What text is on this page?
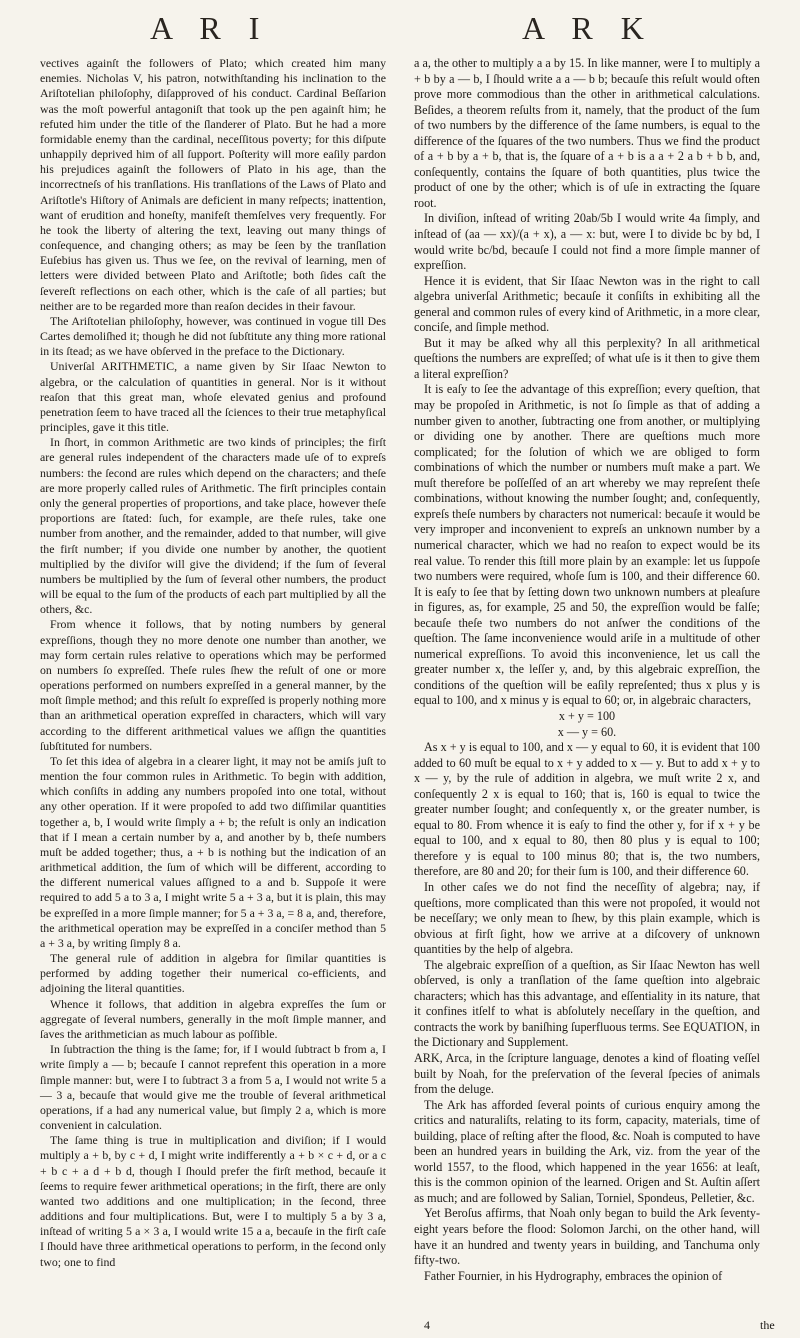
A R I	A R K

vectives againſt the followers of Plato; which created him many enemies. Nicholas V, his patron, notwithſtanding his inclination to the Ariſtotelian philoſophy, diſapproved of his conduct. Cardinal Beſſarion was the moſt powerful antagoniſt that took up the pen againſt him; he refuted him under the title of the ſlanderer of Plato. But he had a more formidable enemy than the cardinal, neceſſitous poverty; for this diſpute unhappily deprived him of all ſupport. Poſterity will more eaſily pardon his prejudices againſt the followers of Plato in his age, than the incorrectneſs of his tranſlations. His tranſlations of the Laws of Plato and Ariſtotle's Hiſtory of Animals are deficient in many reſpects; inattention, want of erudition and honeſty, manifeſt themſelves very frequently. For he took the liberty of altering the text, leaving out many things of conſequence, and changing others; as may be ſeen by the tranſlation Euſebius has given us. Thus we ſee, on the revival of learning, men of letters were divided between Plato and Ariſtotle; both ſides caſt the ſevereſt reflections on each other, which is the caſe of all parties; but neither are to be regarded more than reaſon decides in their favour.

The Ariſtotelian philoſophy, however, was continued in vogue till Des Cartes demoliſhed it; though he did not ſubſtitute any thing more rational in its ſtead; as we have obſerved in the preface to the Dictionary.

Univerſal ARITHMETIC, a name given by Sir Iſaac Newton to algebra, or the calculation of quantities in general. Nor is it without reaſon that this great man, whoſe elevated genius and profound penetration ſeem to have traced all the ſciences to their true metaphyſical principles, gave it this title.

In ſhort, in common Arithmetic are two kinds of principles; the firſt are general rules independent of the characters made uſe of to expreſs numbers: the ſecond are rules which depend on the characters; and theſe are more properly called rules of Arithmetic. The firſt principles contain only the general properties of proportions, and take place, however theſe proportions are ſtated: ſuch, for example, are theſe rules, take one number from another, and the remainder, added to that number, will give the firſt number; if you divide one number by another, the quotient multiplied by the diviſor will give the dividend; if the ſum of ſeveral numbers be multiplied by the ſum of ſeveral other numbers, the product will be equal to the ſum of the products of each part multiplied by all the others, &c.

From whence it follows, that by noting numbers by general expreſſions, though they no more denote one number than another, we may form certain rules relative to operations which may be performed on numbers ſo expreſſed. Theſe rules ſhew the reſult of one or more operations performed on numbers expreſſed in a general manner, by the moſt ſimple method; and this reſult ſo expreſſed is properly nothing more than an arithmetical operation expreſſed in characters, which will vary according to the different arithmetical values we aſſign the quantities ſubſtituted for numbers.

To ſet this idea of algebra in a clearer light, it may not be amiſs juſt to mention the four common rules in Arithmetic. To begin with addition, which conſiſts in adding any numbers propoſed into one total, without any other operation. If it were propoſed to add two diſſimilar quantities together a, b, I would write ſimply a + b; the reſult is only an indication that if I mean a certain number by a, and another by b, theſe numbers muſt be added together; thus, a + b is nothing but the indication of an arithmetical addition, the ſum of which will be different, according to the different numerical values aſſigned to a and b. Suppoſe it were required to add 5 a to 3 a, I might write 5 a + 3 a, but it is plain, this may be expreſſed in a more ſimple manner; for 5 a + 3 a, = 8 a, and, therefore, the arithmetical operation may be expreſſed in a conciſer method than 5 a + 3 a, by writing ſimply 8 a.

The general rule of addition in algebra for ſimilar quantities is performed by adding together their numerical co-efficients, and adjoining the literal quantities.

Whence it follows, that addition in algebra expreſſes the ſum or aggregate of ſeveral numbers, generally in the moſt ſimple manner, and ſaves the arithmetician as much labour as poſſible.

In ſubtraction the thing is the ſame; for, if I would ſubtract b from a, I write ſimply a — b; becauſe I cannot reprefent this operation in a more ſimple manner: but, were I to ſubtract 3 a from 5 a, I would not write 5 a — 3 a, becauſe that would give me the trouble of ſeveral arithmetical operations, if a had any numerical value, but ſimply 2 a, which is more convenient in calculation.

The ſame thing is true in multiplication and diviſion; if I would multiply a + b, by c + d, I might write indifferently a + b × c + d, or a c + b c + a d + b d, though I ſhould prefer the firſt method, becauſe it ſeems to require fewer arithmetical operations; in the firſt, there are only wanted two additions and one multiplication; in the ſecond, three additions and four multiplications. But, were I to multiply 5 a by 3 a, inſtead of writing 5 a × 3 a, I would write 15 a a, becauſe in the firſt caſe I ſhould have three arithmetical operations to perform, in the ſecond only two; one to find

a a, the other to multiply a a by 15. In like manner, were I to multiply a + b by a — b, I ſhould write a a — b b; becauſe this reſult would often prove more commodious than the other in arithmetical calculations. Beſides, a theorem reſults from it, namely, that the product of the ſum of two numbers by the difference of the ſame numbers, is equal to the difference of the ſquares of the two numbers. Thus we find the product of a + b by a + b, that is, the ſquare of a + b is a a + 2 a b + b b, and, conſequently, contains the ſquare of both quantities, plus twice the product of one by the other; which is of uſe in extracting the ſquare root.

In diviſion, inſtead of writing 20ab/5b I would write 4a ſimply, and inſtead of (aa — xx)/(a + x), a — x: but, were I to divide bc by bd, I would write bc/bd, becauſe I could not find a more ſimple manner of expreſſion.

Hence it is evident, that Sir Iſaac Newton was in the right to call algebra univerſal Arithmetic; becauſe it conſiſts in exhibiting all the general and common rules of every kind of Arithmetic, in a more clear, conciſe, and ſimple method.

But it may be aſked why all this perplexity? In all arithmetical queſtions the numbers are expreſſed; of what uſe is it then to give them a literal expreſſion?

It is eaſy to ſee the advantage of this expreſſion; every queſtion, that may be propoſed in Arithmetic, is not ſo ſimple as that of adding a number given to another, ſubtracting one from another, or multiplying or dividing one by another. There are queſtions much more complicated; for the ſolution of which we are obliged to form combinations of which the number or numbers muſt make a part. We muſt therefore be poſſeſſed of an art whereby we may repreſent theſe combinations, without knowing the number ſought; and, conſequently, expreſs theſe numbers by characters not numerical: becauſe it would be very improper and inconvenient to expreſs an unknown number by a numerical character, which we had no reaſon to expect would be its real value. To render this ſtill more plain by an example: let us ſuppoſe two numbers were required, whoſe ſum is 100, and their difference 60. It is eaſy to ſee that by ſetting down two unknown numbers at pleaſure in figures, as, for example, 25 and 50, the expreſſion would be falſe; becauſe theſe two numbers do not anſwer the conditions of the queſtion. The ſame inconvenience would ariſe in a multitude of other numerical expreſſions. To avoid this inconvenience, let us call the greater number x, the leſſer y, and, by this algebraic expreſſion, the conditions of the queſtion will be eaſily repreſented; thus x plus y is equal to 100, and x minus y is equal to 60; or, in algebraic characters,

x + y = 100

x — y = 60.

As x + y is equal to 100, and x — y equal to 60, it is evident that 100 added to 60 muſt be equal to x + y added to x — y. But to add x + y to x — y, by the rule of addition in algebra, we muſt write 2 x, and conſequently 2 x is equal to 160; that is, 160 is equal to twice the greater number ſought; and conſequently x, or the greater number, is equal to 80. From whence it is eaſy to find the other y, for if x + y be equal to 100, and x equal to 80, then 80 plus y is equal to 100; therefore y is equal to 100 minus 80; that is, the two numbers, therefore, are 80 and 20; for their ſum is 100, and their difference 60.

In other caſes we do not find the neceſſity of algebra; nay, if queſtions, more complicated than this were not propoſed, it would not be neceſſary; we only mean to ſhew, by this plain example, which is obvious at firſt ſight, how we arrive at a diſcovery of unknown quantities by the help of algebra.

The algebraic expreſſion of a queſtion, as Sir Iſaac Newton has well obſerved, is only a tranſlation of the ſame queſtion into algebraic characters; which has this advantage, and eſſentiality in its nature, that it confines itſelf to what is abſolutely neceſſary in the queſtion, and contracts the work by baniſhing ſuperfluous terms. See EQUATION, in the Dictionary and Supplement.

ARK, Arca, in the ſcripture language, denotes a kind of floating veſſel built by Noah, for the preſervation of the ſeveral ſpecies of animals from the deluge.

The Ark has afforded ſeveral points of curious enquiry among the critics and naturaliſts, relating to its form, capacity, materials, time of building, place of reſting after the flood, &c. Noah is computed to have been an hundred years in building the Ark, viz. from the year of the world 1557, to the flood, which happened in the year 1656: at leaſt, this is the common opinion of the learned. Origen and St. Auſtin aſſert as much; and are followed by Salian, Torniel, Spondeus, Pelletier, &c.

Yet Beroſus affirms, that Noah only began to build the Ark ſeventy-eight years before the flood: Solomon Jarchi, on the other hand, will have it an hundred and twenty years in building, and Tanchuma only fifty-two.

Father Fournier, in his Hydrography, embraces the opinion of

4	the
